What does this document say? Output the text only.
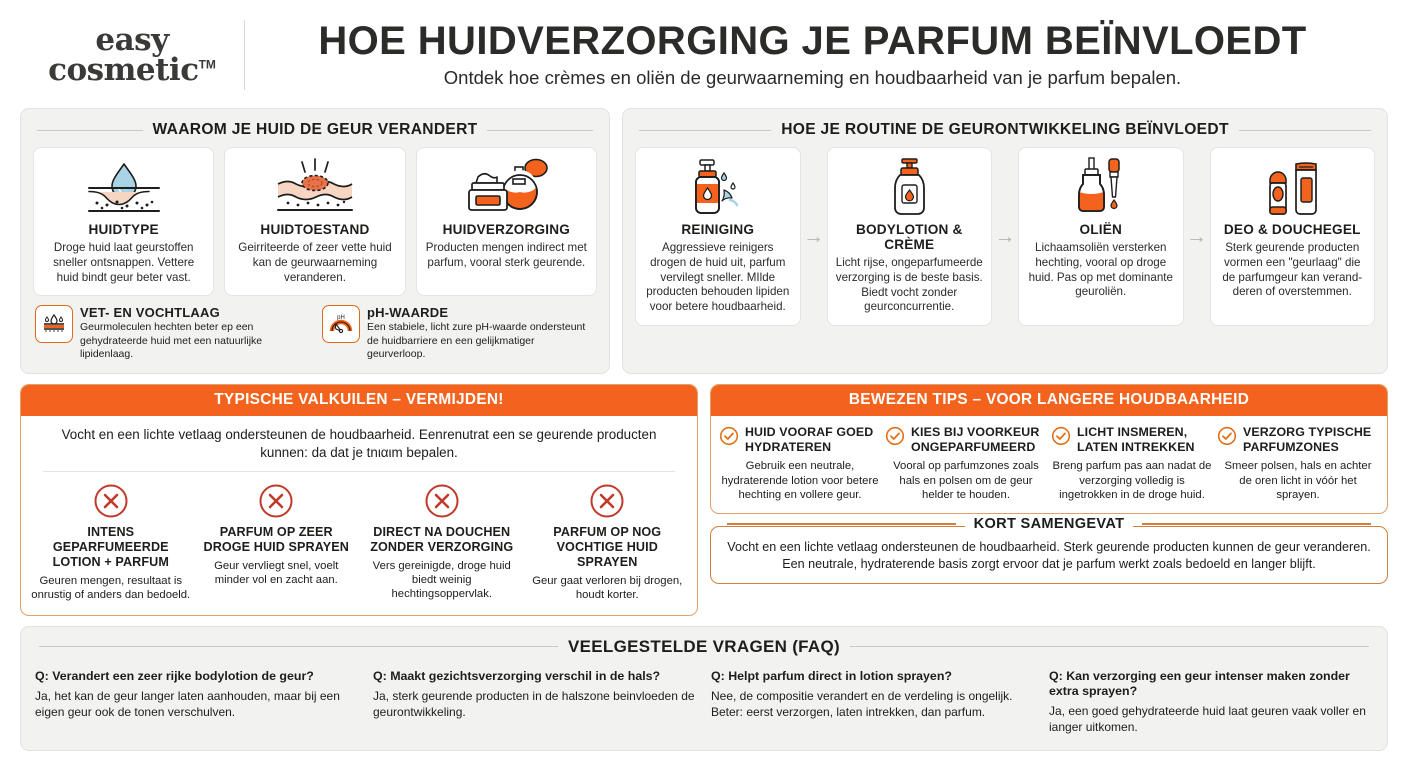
easy
cosmetic™
HOE HUIDVERZORGING JE PARFUM BEÏNVLOEDT
Ontdek hoe crèmes en oliën de geurwaarneming en houdbaarheid van je parfum bepalen.
WAAROM JE HUID DE GEUR VERANDERT
HUIDTYPE
Droge huid laat geurstoffen sneller ontsnappen. Vettere huid bindt geur beter vast.
HUIDTOESTAND
Geirriteerde of zeer vette huid kan de geurwaarneming veranderen.
HUIDVERZORGING
Producten mengen indirect met parfum, vooral sterk geurende.
VET- EN VOCHTLAAG
Geurmoleculen hechten beter ep een gehydrateerde huid met een natuurlijke lipidenlaag.
pH pH-WAARDE
Een stabiele, licht zure pH-waarde ondersteunt de huidbarriere en een gelijkmatiger geurverloop.
HOE JE ROUTINE DE GEURONTWIKKELING BEÏNVLOEDT
REINIGING
Aggressieve reinigers drogen de huid uit, parfum vervilegt sneller. MIlde producten behouden lipiden voor betere houdbaarheid.
→	BODYLOTION & CRÈME
Licht rijse, ongeparfumeerde verzorging is de beste basis. Biedt vocht zonder geurconcurrentie.
→	OLIËN
Lichaamsoliën versterken hechting, vooral op droge huid. Pas op met dominante geuroliën.
→ DEO & DOUCHEGEL
Sterk geurende producten vormen een "geurlaag" die de parfumgeur kan verand-deren of overstemmen.
TYPISCHE VALKUILEN – VERMIJDEN!
Vocht en een lichte vetlaag ondersteunen de houdbaarheid. Eenrenutrat een se geurende producten kunnen: da dat je tnιαιm bepalen.
INTENS GEPARFUMEERDE LOTION + PARFUM
Geuren mengen, resultaat is onrustig of anders dan bedoeld.
PARFUM OP ZEER DROGE HUID SPRAYEN
Geur vervliegt snel, voelt minder vol en zacht aan.
DIRECT NA DOUCHEN ZONDER VERZORGING
Vers gereinigde, droge huid biedt weinig hechtingsoppervlak.
PARFUM OP NOG VOCHTIGE HUID SPRAYEN
Geur gaat verloren bij drogen, houdt korter.
BEWEZEN TIPS – VOOR LANGERE HOUDBAARHEID
HUID VOORAF GOED HYDRATEREN
Gebruik een neutrale, hydraterende lotion voor betere hechting en vollere geur.
KIES BIJ VOORKEUR ONGEPARFUMEERD
Vooral op parfumzones zoals hals en polsen om de geur helder te houden.
LICHT INSMEREN, LATEN INTREKKEN
Breng parfum pas aan nadat de verzorging volledig is ingetrokken in de droge huid.
VERZORG TYPISCHE PARFUMZONES
Smeer polsen, hals en achter de oren licht in vóór het sprayen.
KORT SAMENGEVAT
Vocht en een lichte vetlaag ondersteunen de houdbaarheid. Sterk geurende producten kunnen de geur veranderen. Een neutrale, hydraterende basis zorgt ervoor dat je parfum werkt zoals bedoeld en langer blijft.
VEELGESTELDE VRAGEN (FAQ)
Q: Verandert een zeer rijke bodylotion de geur?
Ja, het kan de geur langer laten aanhouden, maar bij een eigen geur ook de tonen verschulven.
Q: Maakt gezichtsverzorging verschil in de hals?
Ja, sterk geurende producten in de halszone beinvloeden de geurontwikkeling.
Q: Helpt parfum direct in lotion sprayen?
Nee, de compositie verandert en de verdeling is ongelijk. Beter: eerst verzorgen, laten intrekken, dan parfum.
Q: Kan verzorging een geur intenser maken zonder extra sprayen?
Ja, een goed gehydrateerde huid laat geuren vaak voller en ianger uitkomen.
